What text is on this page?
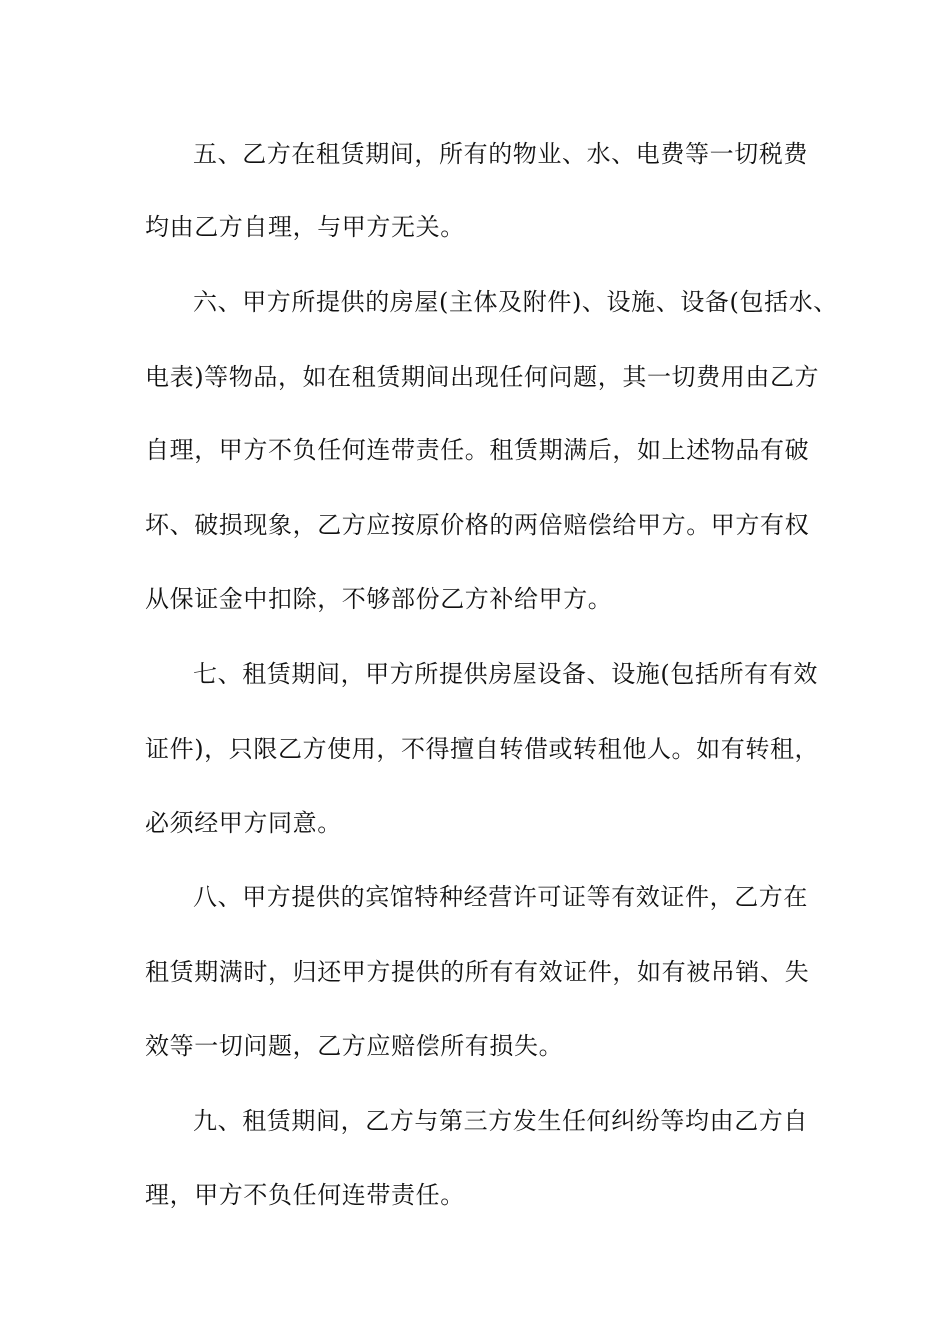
五、乙方在租赁期间，所有的物业、水、电费等一切税费
均由乙方自理，与甲方无关。
六、甲方所提供的房屋(主体及附件)、设施、设备(包括水、
电表)等物品，如在租赁期间出现任何问题，其一切费用由乙方
自理，甲方不负任何连带责任。租赁期满后，如上述物品有破
坏、破损现象，乙方应按原价格的两倍赔偿给甲方。甲方有权
从保证金中扣除，不够部份乙方补给甲方。
七、租赁期间，甲方所提供房屋设备、设施(包括所有有效
证件)，只限乙方使用，不得擅自转借或转租他人。如有转租，
必须经甲方同意。
八、甲方提供的宾馆特种经营许可证等有效证件，乙方在
租赁期满时，归还甲方提供的所有有效证件，如有被吊销、失
效等一切问题，乙方应赔偿所有损失。
九、租赁期间，乙方与第三方发生任何纠纷等均由乙方自
理，甲方不负任何连带责任。
